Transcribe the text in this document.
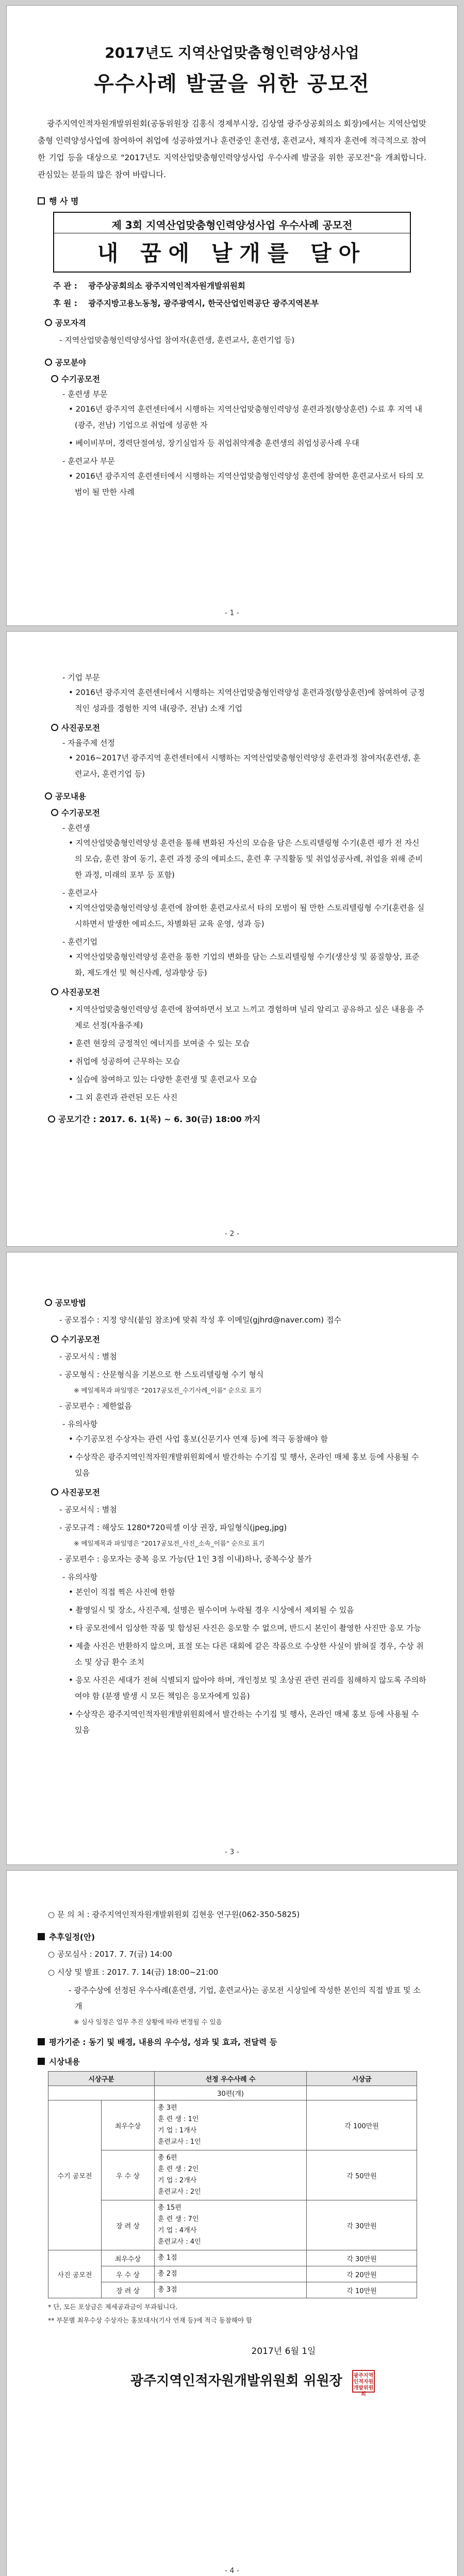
2017년도 지역산업맞춤형인력양성사업
우수사례 발굴을 위한 공모전

광주지역인적자원개발위원회(공동위원장 김홍식 경제부시장, 김상열 광주상공회의소 회장)에서는 지역산업맞춤형 인력양성사업에 참여하여 취업에 성공하였거나 훈련중인 훈련생, 훈련교사, 채직자 훈련에 적극적으로 참여한 기업 등을 대상으로 "2017년도 지역산업맞춤형인력양성사업 우수사례 발굴을 위한 공모전"을 개최합니다. 관심있는 분들의 많은 참여 바랍니다.

행 사 명
제 3회 지역산업맞춤형인력양성사업 우수사례 공모전
내 꿈에 날개를 달아
주 관 : 광주상공회의소 광주지역인적자원개발위원회
후 원 : 광주지방고용노동청, 광주광역시, 한국산업인력공단 광주지역본부
공모자격
- 지역산업맞춤형인력양성사업 참여자(훈련생, 훈련교사, 훈련기업 등)
공모분야
수기공모전
- 훈련생 부문
• 2016년 광주지역 훈련센터에서 시행하는 지역산업맞춤형인력양성 훈련과정(향상훈련) 수료 후 지역 내(광주, 전남) 기업으로 취업에 성공한 자
• 베이비부머, 경력단절여성, 장기실업자 등 취업취약계층 훈련생의 취업성공사례 우대
- 훈련교사 부문
• 2016년 광주지역 훈련센터에서 시행하는 지역산업맞춤형인력양성 훈련에 참여한 훈련교사로서 타의 모범이 될 만한 사례
- 1 -
- 기업 부문
• 2016년 광주지역 훈련센터에서 시행하는 지역산업맞춤형인력양성 훈련과정(향상훈련)에 참여하여 긍정적인 성과를 경험한 지역 내(광주, 전남) 소재 기업
사진공모전
- 자율주제 선정
• 2016~2017년 광주지역 훈련센터에서 시행하는 지역산업맞춤형인력양성 훈련과정 참여자(훈련생, 훈련교사, 훈련기업 등)
공모내용
수기공모전
- 훈련생
• 지역산업맞춤형인력양성 훈련을 통해 변화된 자신의 모습을 담은 스토리텔링형 수기(훈련 평가 전 자신의 모습, 훈련 참여 동기, 훈련 과정 중의 에피소드, 훈련 후 구직활동 및 취업성공사례, 취업을 위해 준비한 과정, 미래의 포부 등 포함)
- 훈련교사
• 지역산업맞춤형인력양성 훈련에 참여한 훈련교사로서 타의 모범이 될 만한 스토리텔링형 수기(훈련을 실시하면서 발생한 에피소드, 차별화된 교육 운영, 성과 등)
- 훈련기업
• 지역산업맞춤형인력양성 훈련을 통한 기업의 변화를 담는 스토리텔링형 수기(생산성 및 품질향상, 표준화, 제도개선 및 혁신사례, 성과향상 등)
사진공모전
• 지역산업맞춤형인력양성 훈련에 참여하면서 보고 느끼고 경험하며 널리 알리고 공유하고 싶은 내용을 주제로 선정(자율주제)
• 훈련 현장의 긍정적인 에너지를 보여줄 수 있는 모습
• 취업에 성공하여 근무하는 모습
• 실습에 참여하고 있는 다양한 훈련생 및 훈련교사 모습
• 그 외 훈련과 관련된 모든 사진
공모기간 : 2017. 6. 1(목) ~ 6. 30(금) 18:00 까지
- 2 -
공모방법
- 공모접수 : 지정 양식(붙임 참조)에 맞춰 작성 후 이메일(gjhrd@naver.com) 접수
수기공모전
- 공모서식 : 별첨
- 공모형식 : 산문형식을 기본으로 한 스토리텔링형 수기 형식
※ 메일제목과 파일명은 "2017공모전_수기사례_이름" 순으로 표기
- 공모편수 : 제한없음
- 유의사항
• 수기공모전 수상자는 관련 사업 홍보(신문기사 연재 등)에 적극 동참해야 함
• 수상작은 광주지역인적자원개발위원회에서 발간하는 수기집 및 행사, 온라인 매체 홍보 등에 사용될 수 있음
사진공모전
- 공모서식 : 별첨
- 공모규격 : 해상도 1280*720픽셀 이상 권장, 파일형식(jpeg,jpg)
※ 메일제목과 파일명은 "2017공모전_사진_소속_이름" 순으로 표기
- 공모편수 : 응모자는 중복 응모 가능(단 1인 3점 이내)하나, 중복수상 불가
- 유의사항
• 본인이 직접 찍은 사진에 한함
• 촬영일시 및 장소, 사진주제, 설명은 필수이며 누락될 경우 시상에서 제외될 수 있음
• 타 공모전에서 입상한 작품 및 합성된 사진은 응모할 수 없으며, 반드시 본인이 촬영한 사진만 응모 가능
• 제출 사진은 반환하지 않으며, 표절 또는 다른 대회에 같은 작품으로 수상한 사실이 밝혀질 경우, 수상 취소 및 상금 환수 조치
• 응모 사진은 세대가 전혀 식별되지 않아야 하며, 개인정보 및 초상권 관련 권리를 침해하지 않도록 주의하여야 함 (분쟁 발생 시 모든 책임은 응모자에게 있음)
• 수상작은 광주지역인적자원개발위원회에서 발간하는 수기집 및 행사, 온라인 매체 홍보 등에 사용될 수 있음
- 3 -
○ 문 의 처 : 광주지역인적자원개발위원회 김현웅 연구원(062-350-5825)
추후일정(안)
○ 공모심사 : 2017. 7. 7(금) 14:00
○ 시상 및 발표 : 2017. 7. 14(금) 18:00~21:00
- 광주수상에 선정된 우수사례(훈련생, 기업, 훈련교사)는 공모전 시상일에 작성한 본인의 직접 발표 및 소개
※ 심사 일정은 업무 추진 상황에 따라 변경될 수 있음
평가기준 : 동기 및 배경, 내용의 우수성, 성과 및 효과, 전달력 등
시상내용
시상구분		선정 우수사례 수	시상금
		30편(개)	
수기 공모전	최우수상	총 3편
훈 련 생 : 1인
기 업 : 1개사
훈련교사 : 1인	각 100만원
	우 수 상	총 6편
훈 련 생 : 2인
기 업 : 2개사
훈련교사 : 2인	각 50만원
	장 려 상	총 15편
훈 련 생 : 7인
기 업 : 4개사
훈련교사 : 4인	각 30만원
사진 공모전	최우수상	총 1점	각 30만원
	우 수 상	총 2점	각 20만원
	장 려 상	총 3점	각 10만원
* 단, 모든 포상금은 제세공과금이 부과됩니다.
** 부문별 최우수상 수상자는 홍보대사(기사 연재 등)에 적극 동참해야 함
2017년 6월 1일
광주지역인적자원개발위원회 위원장 광주지역인적자원개발위원회
- 4 -
